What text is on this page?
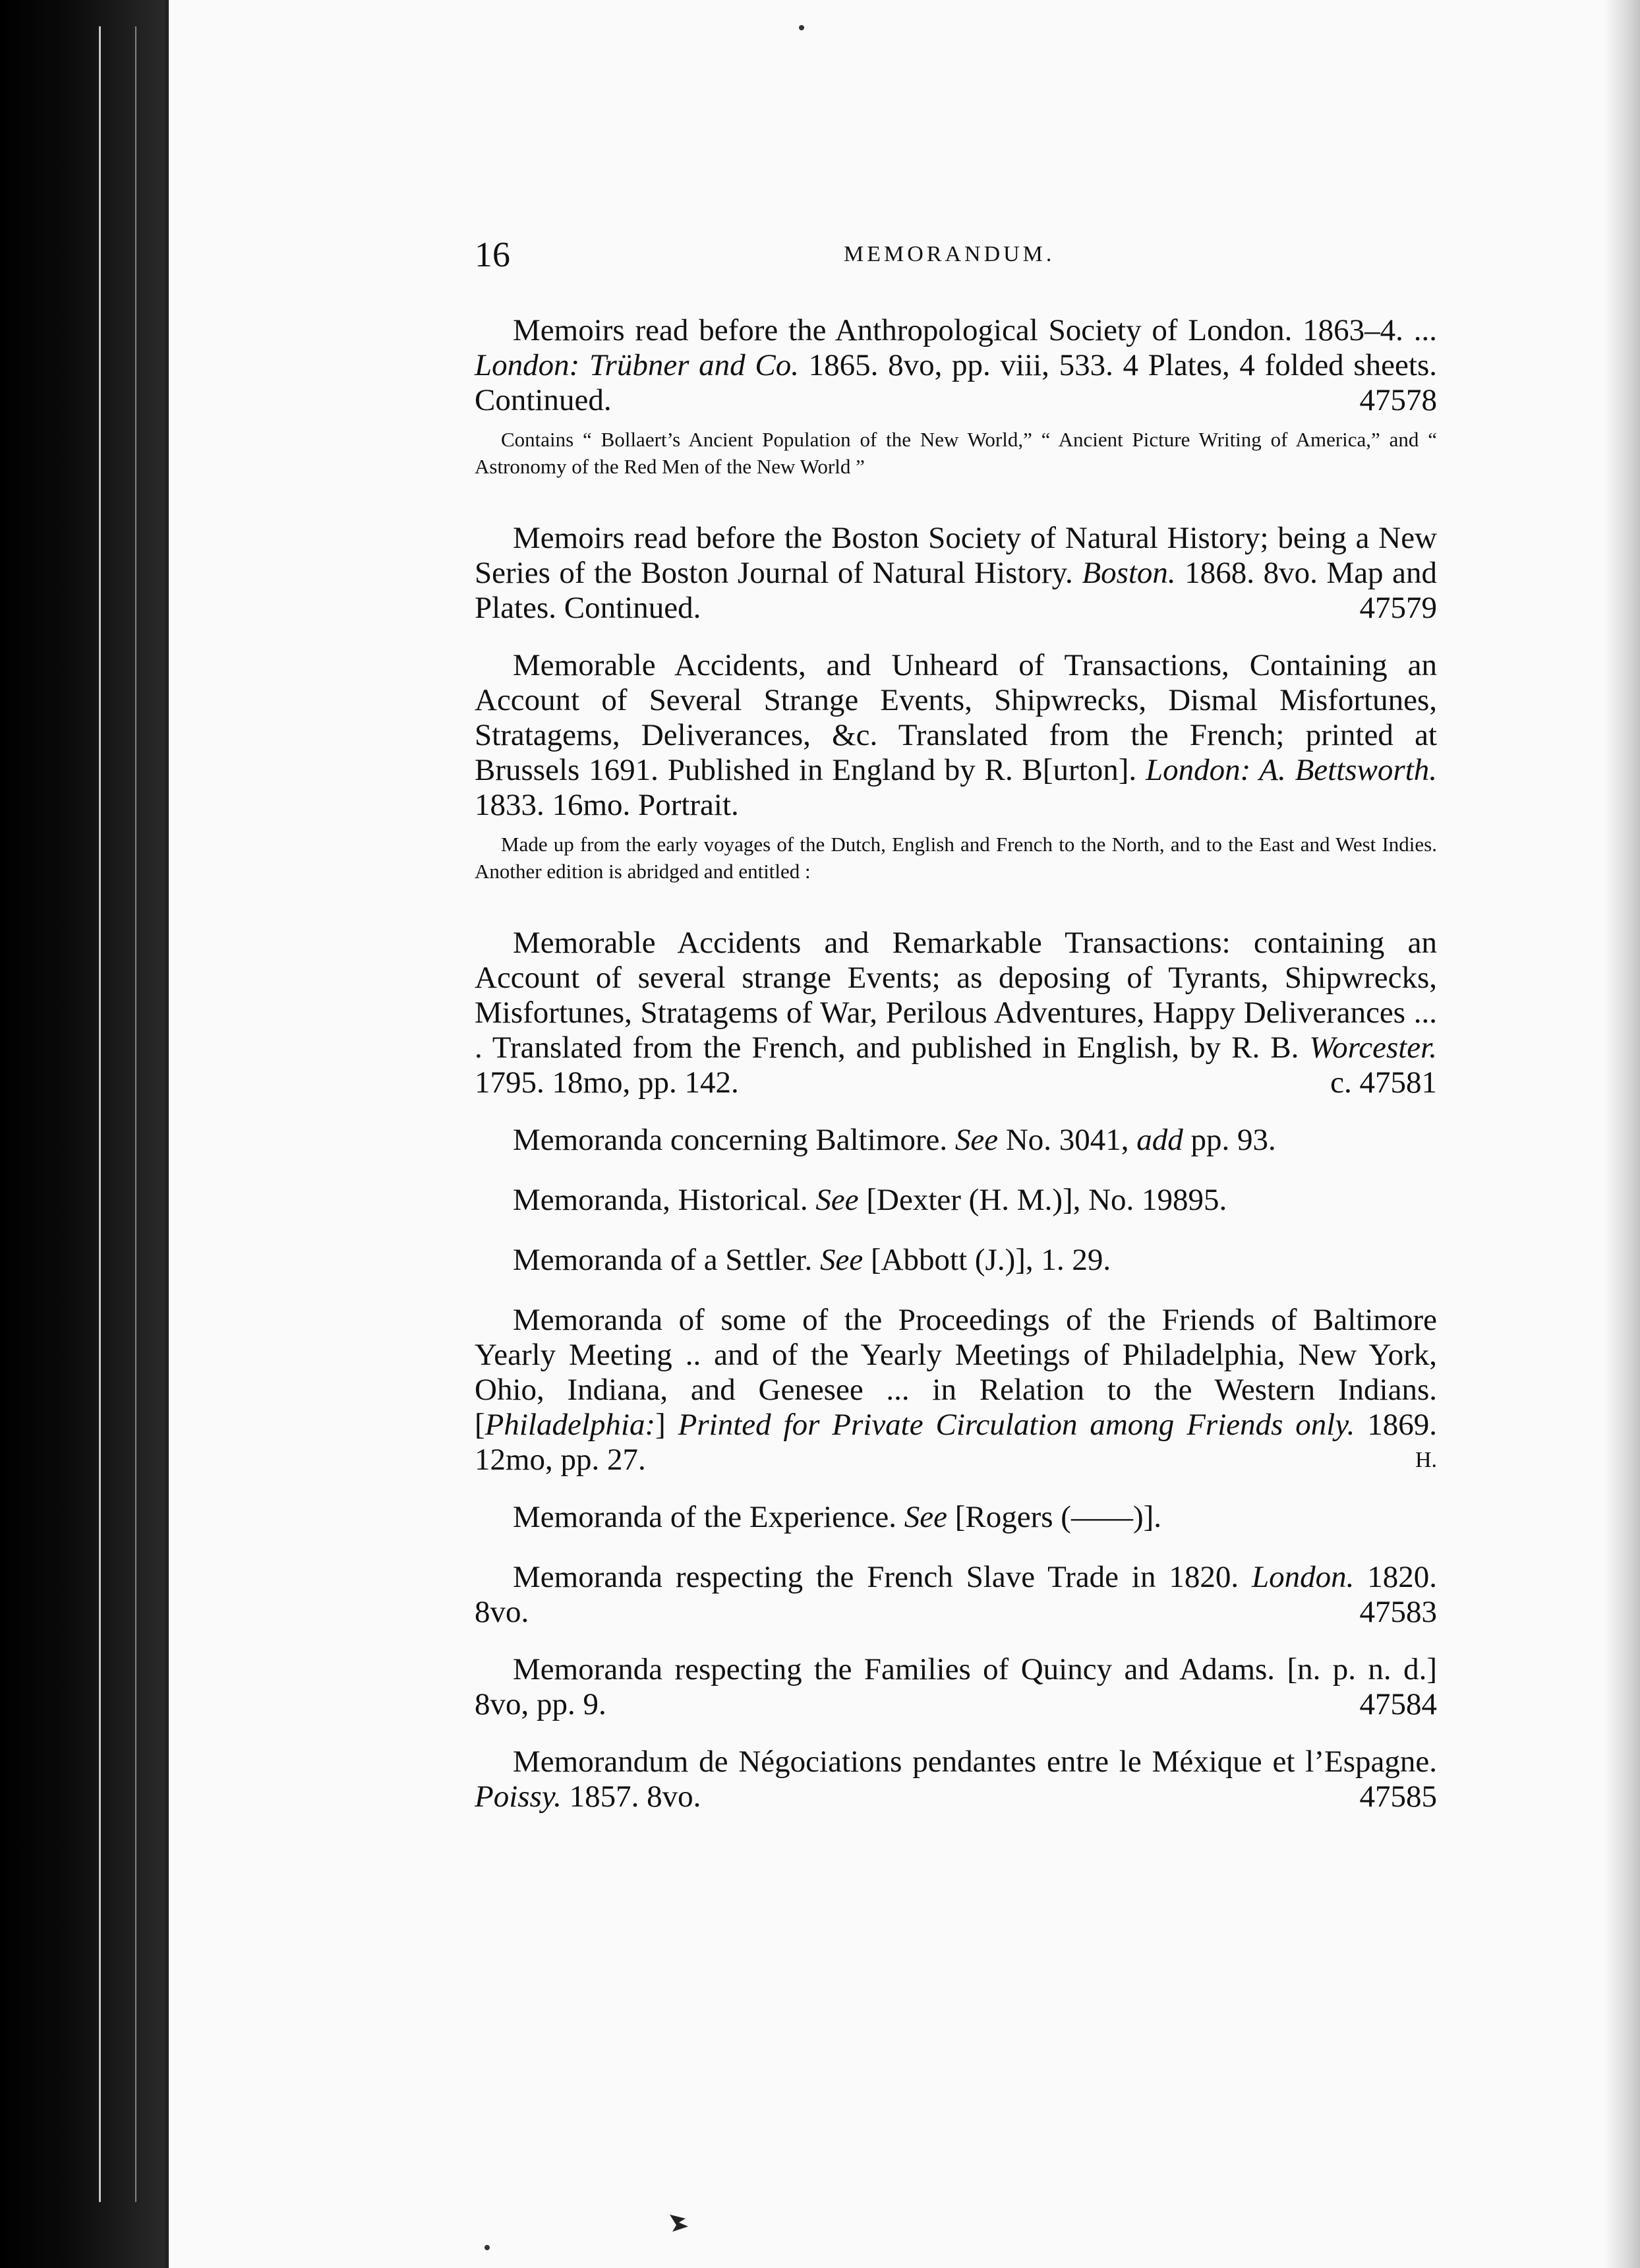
16	MEMORANDUM.

Memoirs read before the Anthropological Society of London. 1863–4. ... London: Trübner and Co. 1865. 8vo, pp. viii, 533. 4 Plates, 4 folded sheets. Continued.	47578

Contains “ Bollaert’s Ancient Population of the New World,” “ Ancient Picture Writing of America,” and “ Astronomy of the Red Men of the New World ”

Memoirs read before the Boston Society of Natural History; being a New Series of the Boston Journal of Natural History. Boston. 1868. 8vo. Map and Plates. Continued.	47579

Memorable Accidents, and Unheard of Transactions, Containing an Account of Several Strange Events, Shipwrecks, Dismal Misfortunes, Stratagems, Deliverances, &c. Translated from the French; printed at Brussels 1691. Published in England by R. B[urton]. London: A. Bettsworth. 1833. 16mo. Portrait.

Made up from the early voyages of the Dutch, English and French to the North, and to the East and West Indies. Another edition is abridged and entitled :

Memorable Accidents and Remarkable Transactions: containing an Account of several strange Events; as deposing of Tyrants, Shipwrecks, Misfortunes, Stratagems of War, Perilous Adventures, Happy Deliverances ... . Translated from the French, and published in English, by R. B. Worcester. 1795. 18mo, pp. 142.	c. 47581

Memoranda concerning Baltimore. See No. 3041, add pp. 93.

Memoranda, Historical. See [Dexter (H. M.)], No. 19895.

Memoranda of a Settler. See [Abbott (J.)], 1. 29.

Memoranda of some of the Proceedings of the Friends of Baltimore Yearly Meeting .. and of the Yearly Meetings of Philadelphia, New York, Ohio, Indiana, and Genesee ... in Relation to the Western Indians. [Philadelphia:] Printed for Private Circulation among Friends only. 1869. 12mo, pp. 27.	H.

Memoranda of the Experience. See [Rogers (——)].

Memoranda respecting the French Slave Trade in 1820. London. 1820. 8vo.	47583

Memoranda respecting the Families of Quincy and Adams. [n. p. n. d.] 8vo, pp. 9.	47584

Memorandum de Négociations pendantes entre le Méxique et l’Espagne. Poissy. 1857. 8vo.	47585
